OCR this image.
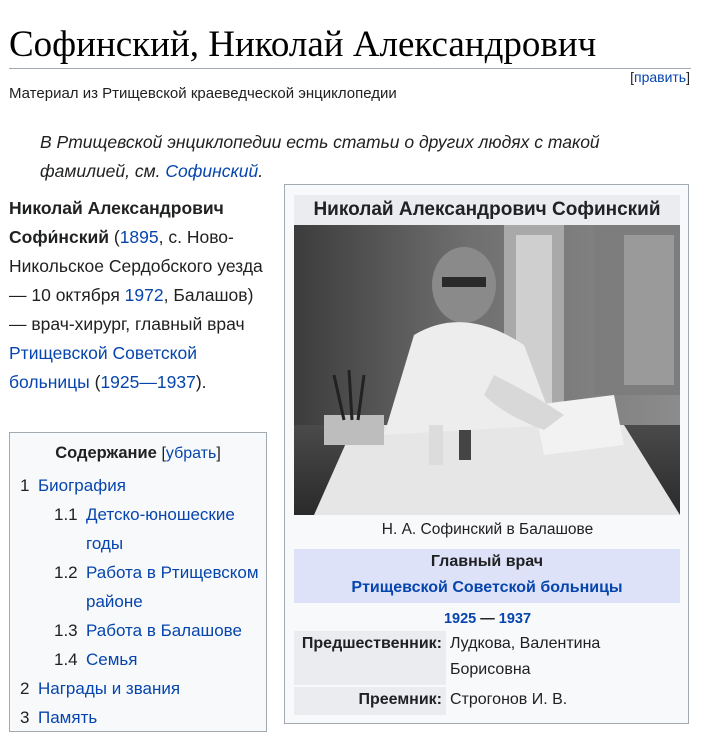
Софинский, Николай Александрович
[править]
Материал из Ртищевской краеведческой энциклопедии
В Ртищевской энциклопедии есть статьи о других людях с такой фамилией, см. Софинский.
Николай Александрович Софи́нский (1895, с. Ново-Никольское Сердобского уезда — 10 октября 1972, Балашов) — врач-хирург, главный врач Ртищевской Советской больницы (1925—1937).
Содержание [убрать]
1 Биография
1.1 Детско-юношеские годы
1.2 Работа в Ртищевском районе
1.3 Работа в Балашове
1.4 Семья
2 Награды и звания
3 Память
Николай Александрович Софинский
Н. А. Софинский в Балашове
Главный врач
Ртищевской Советской больницы
1925 — 1937
Предшественник: Лудкова, Валентина Борисовна
Преемник: Строгонов И. В.
